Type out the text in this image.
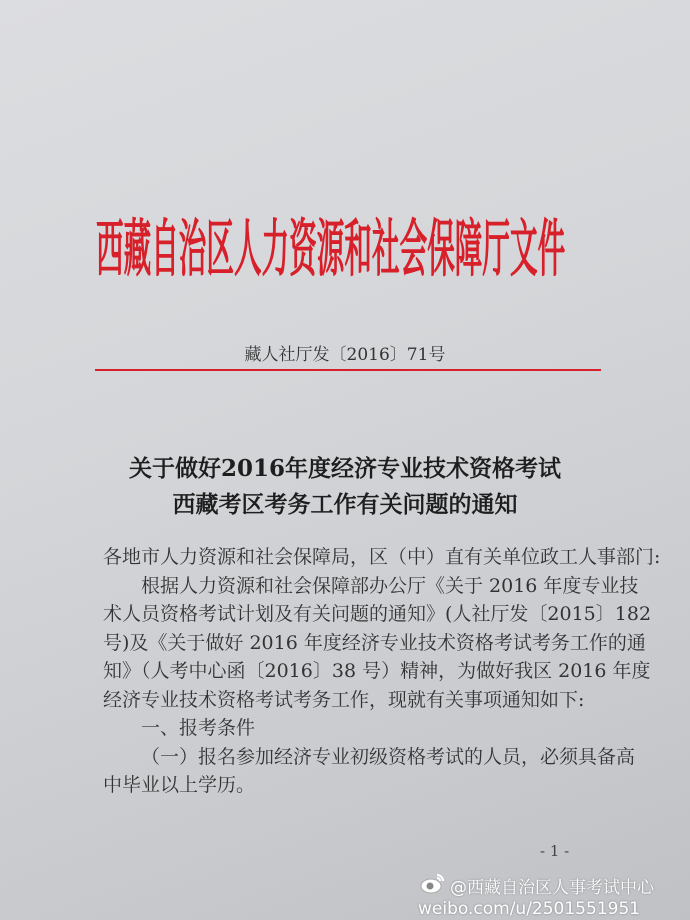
西藏自治区人力资源和社会保障厅文件
藏人社厅发〔2016〕71号
关于做好2016年度经济专业技术资格考试
西藏考区考务工作有关问题的通知
各地市人力资源和社会保障局，区（中）直有关单位政工人事部门:
根据人力资源和社会保障部办公厅《关于 2016 年度专业技
术人员资格考试计划及有关问题的通知》(人社厅发〔2015〕182
号)及《关于做好 2016 年度经济专业技术资格考试考务工作的通
知》（人考中心函〔2016〕38 号）精神，为做好我区 2016 年度
经济专业技术资格考试考务工作，现就有关事项通知如下:
一、报考条件
（一）报名参加经济专业初级资格考试的人员，必须具备高
中毕业以上学历。
- 1 -
@西藏自治区人事考试中心
weibo.com/u/2501551951
